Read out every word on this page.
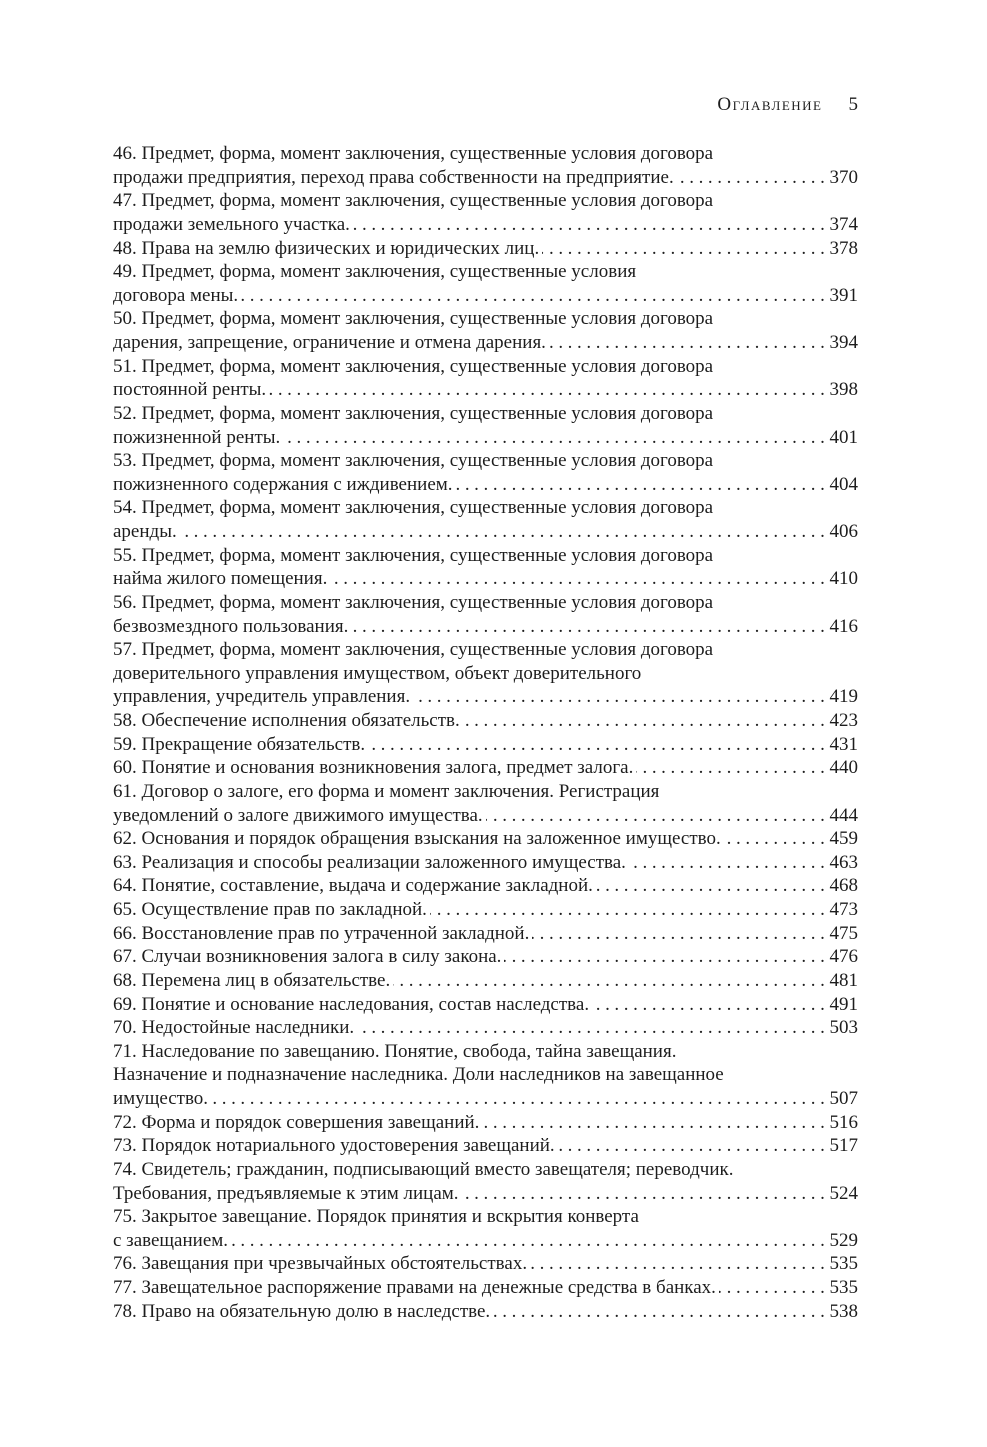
Оглавление 5
46. Предмет, форма, момент заключения, существенные условия договора
продажи предприятия, переход права собственности на предприятие. .....	370
47. Предмет, форма, момент заключения, существенные условия договора
продажи земельного участка. .....	374
48. Права на землю физических и юридических лиц. .....	378
49. Предмет, форма, момент заключения, существенные условия
договора мены. .....	391
50. Предмет, форма, момент заключения, существенные условия договора
дарения, запрещение, ограничение и отмена дарения. .....	394
51. Предмет, форма, момент заключения, существенные условия договора
постоянной ренты. .....	398
52. Предмет, форма, момент заключения, существенные условия договора
пожизненной ренты. .....	401
53. Предмет, форма, момент заключения, существенные условия договора
пожизненного содержания с иждивением. .....	404
54. Предмет, форма, момент заключения, существенные условия договора
аренды. .....	406
55. Предмет, форма, момент заключения, существенные условия договора
найма жилого помещения. .....	410
56. Предмет, форма, момент заключения, существенные условия договора
безвозмездного пользования. .....	416
57. Предмет, форма, момент заключения, существенные условия договора
доверительного управления имуществом, объект доверительного
управления, учредитель управления. .....	419
58. Обеспечение исполнения обязательств. .....	423
59. Прекращение обязательств. .....	431
60. Понятие и основания возникновения залога, предмет залога. .....	440
61. Договор о залоге, его форма и момент заключения. Регистрация
уведомлений о залоге движимого имущества. .....	444
62. Основания и порядок обращения взыскания на заложенное имущество. .....	459
63. Реализация и способы реализации заложенного имущества. .....	463
64. Понятие, составление, выдача и содержание закладной. .....	468
65. Осуществление прав по закладной. .....	473
66. Восстановление прав по утраченной закладной. .....	475
67. Случаи возникновения залога в силу закона. .....	476
68. Перемена лиц в обязательстве. .....	481
69. Понятие и основание наследования, состав наследства. .....	491
70. Недостойные наследники. .....	503
71. Наследование по завещанию. Понятие, свобода, тайна завещания.
Назначение и подназначение наследника. Доли наследников на завещанное
имущество. .....	507
72. Форма и порядок совершения завещаний. .....	516
73. Порядок нотариального удостоверения завещаний. .....	517
74. Свидетель; гражданин, подписывающий вместо завещателя; переводчик.
Требования, предъявляемые к этим лицам. .....	524
75. Закрытое завещание. Порядок принятия и вскрытия конверта
с завещанием. .....	529
76. Завещания при чрезвычайных обстоятельствах. .....	535
77. Завещательное распоряжение правами на денежные средства в банках. .....	535
78. Право на обязательную долю в наследстве. .....	538
